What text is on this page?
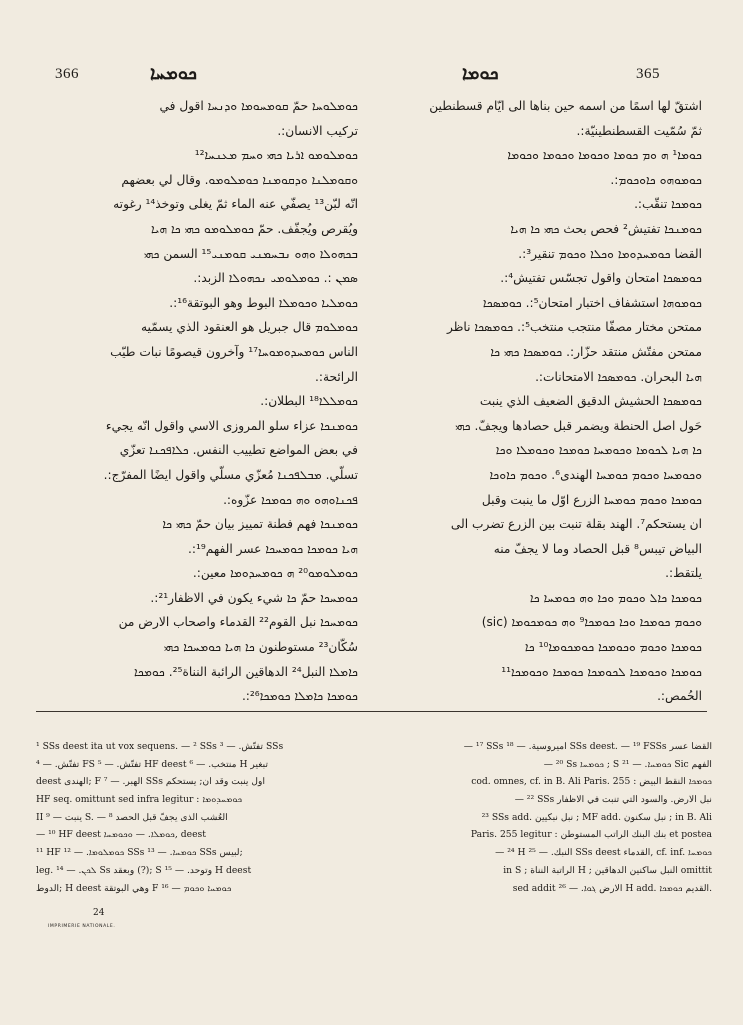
366	ܟܘܡܚܐ	ܟܘܡܐ	365
ܟܘܡܠܘܚܐ حمّ ܩܘܡܚܘܡܐ ܘܕܢܚܐ اقول في
تركيب الانسان:.
ܟܘܡܠܘܡܘ ܐܪܝܐ ܟܗܝ ܘܚܡ ܡܥܢܚܐ¹²
ܘܩܘܡܠܢܐ ܘܕܩܘܡܢܐ ܟܘܡܠܘܡܘ. وقال لي بعضهم
انّه لبّن¹³ يصفّي عنه الماء ثمّ يغلى وتوخذ¹⁴ رغوته
ويُقرص ويُجفّف. حمّ ܟܘܡܠܘܡܘ ܟܗܝ ܟܐ ܗܝܐ
ܒܟܗܘܠܐ ܘܗܘ ܢܒܚܡܢܝ ܩܘܡܢܝ¹⁵ السمن ܟܗܝ
ܣܡܢ :. ܟܘܡܠܘܡܝ ܢܟܗܘܠܐ الزبد:.
ܟܘܡܠܝܐ ܘܟܘܡܠܐ البوط وهو البوتقة¹⁶:.
ܟܘܡܠܘܡ قال جبريل هو العنقود الذي يسمّيه
الناس ܟܘܡܚܕܘܡܘܚܐ¹⁷ وآخرون قيصومًا نبات طيّب
الرائحة:.
ܟܘܡܠܠܐ¹⁸ البطلان:.
ܟܘܡܢܟܐ عزاء سلو المروزى الاسي واقول انّه يجيء
في بعض المواضع تطييب النفس. ܟܠܐܦܟܢܐ تعزّي
تسلّي. ܡܒܠܦܟܢܐ مُعزّي مسلّي واقول ايضًا المفرّج:.
ܦܟܢܐܘܗܘ ܘܗ ܟܘܡܟܐ عزّوه:.
ܟܘܡܢܟܐ فهم فطنة تمييز بيان حمّ ܟܗܝ ܟܐ
ܗܝܐ ܟܘܡܟܐ ܟܘܡܚܟܐ عسر الفهم¹⁹:.
ܟܘܡܠܘܡܘ²⁰ ܗ ܟܘܡܚܕܘܡܐ معين:.
ܟܘܡܚܟܐ حمّ ܟܐ شيء يكون في الاظفار²¹:.
ܟܘܡܚܟܐ نبل القوم²² القدماء واصحاب الارض من
سُكّان²³ مستوطنون ܟܐ ܗܝܐ ܟܘܡܚܟܐ ܟܗܝ
ܟܐܡܠܐ النبل²⁴ الدهاقين الرائبة النناة²⁵. ܟܘܡܟܐ
ܟܘܡܟܐ ܟܐܡܠܐ ܟܘܡܟܐ²⁶:.
اشتقّ لها اسمًا من اسمه حين بناها الى ايّام قسطنطين
ثمّ سُمّيت القسطنطينيّة:.
ܟܘܡܐ¹ ܗ ܘܡ ܟܘܡܐ ܘܟܘܡܐ ܘܟܘܡܐ ܘܟܘܡܐ
ܟܘܡܘܗܘ ܟܐܘܟܘܡ:.
ܟܘܡܟܐ تنقّب:.
ܟܘܡܢܟܐ تفتيش² فحص بحث ܟܗܝ ܟܐ ܗܝܐ
القضا ܟܘܡܚܕܘܡܐ ܘܟܠܐ ܘܟܘܡ تنقير³:.
ܟܘܡܣܟܐ امتحان واقول تجسّس تفتيش⁴:.
ܟܘܡܘܗܐ استشفاف اختبار امتحان⁵:. ܟܘܡܣܟܐ
ممتحن مختار مصفّا منتجب منتخب⁵:. ܟܘܡܣܟܐ ناظر
ممتحن مفتّش منتقد حزّار:. ܟܘܡܣܟܐ ܟܗܝ ܟܐ
ܗܝܐ البحران. ܟܘܡܣܟܐ الامتحانات:.
ܟܘܡܣܟܐ الحشيش الدقيق الضعيف الذي ينبت
حَول اصل الحنطة ويضمر قبل حصادها ويجفّ. ܟܗܝ
ܟܐ ܗܝܐ ܠܟܘܡܐ ܘܟܘܡܚܐ ܟܘܡܟܐ ܘܟܘܡܠܐ ܘܟܐ
ܘܟܘܡܚܐ ܘܟܘܡ ܟܘܡܚܐ الهندى⁶. ܘܟܘܡ ܟܐܘܟܐ
ܟܘܡܟܐ ܘܟܘܡ ܟܘܡܚܐ الزرع اوّل ما ينبت وقبل
ان يستحكم⁷. الهند بقلة تنبت بين الزرع تضرب الى
البياض تيبس⁸ قبل الحصاد وما لا يجفّ منه
يلتقط:.
ܟܘܡܟܐ ܟܐܠ ܘܟܘܡ ܘܟܐ ܘܗ ܟܘܡܚܐ ܟܐ
ܘܟܘܡ ܟܘܡܟܐ ܘܟܐ ܟܘܡܟܐ⁹ ܘܗ ܟܘܡܟܘܡܐ (sic)
ܟܘܡܟܐ ܘܟܘܡ ܘܟܘܡܟܐ ܟܘܡܟܘܡܐ¹⁰ ܟܐ
ܟܘܡܟܐ ܘܟܘܡܟܐ ܠܟܘܡܟܐ ܟܘܡܟܐ ܘܟܘܡܟܐ¹¹
الحُمص:.
¹ SSs deest ita ut vox sequens. — ² SSs تفتّش. — ³ SSs
تفتّش. — ⁴ FS تفتّش. — ⁵ HF deest منتخب. — ⁶ H تبغير
deest الهندى; F الهبر. — ⁷ SSs اول ينبت وقد ان; يستحكم
HF seq. omittunt sed infra legitur : ܟܘܡܚܕܘܡܐ
II ⁹ — ينبت S. — ⁸ العُشب الذى يجفّ قبل الحصد
— ¹⁰ HF deest ܟܘܡܠܐ. — ܘܟܘܡܚܐ, deest
¹¹ HF ܟܘܡܠܘܡܐ. — ¹² SSs ܟܘܡܚܐ. — ¹³ SSs لبيس;
leg. ܠܟܢ. — ¹⁴ Ss وبعقد (?); S وتوحد. — ¹⁵ H deest
الدوط; H deest وهي البوتقة F ¹⁶ — ܟܘܡܚܐ ܘܟܘܡ
— ¹⁷ SSs اميروسية. — ¹⁸ SSs deest. — ¹⁹ FSSs القضا عسر
— ²⁰ Ss ܟܘܡܚܐ ; S ܟܘܡܚܐ. — ²¹ Sic الفهم
cod. omnes, cf. in B. Ali Paris. 255 : ܟܘܡܟܐ النقط البيض
— ²² SSs نبل الارض. والسود التي تنبت في الاظفار
²³ SSs add. نبل نبكيين ; MF add. نبل سكنون ; in B. Ali
Paris. 255 legitur : بنك البنك الراتب المستوطن et postea
— ²⁴ H النبك. — ²⁵ SSs deest القدماء, cf. inf. ܟܘܡܚܐ
in S ; الراتبة النناة H ; النبل ساكنين الدهاقين omittit
sed addit الارض ܓܘܐ. — ²⁶ H add. القديم ܟܘܡܟܐ.
24
IMPRIMERIE NATIONALE.
